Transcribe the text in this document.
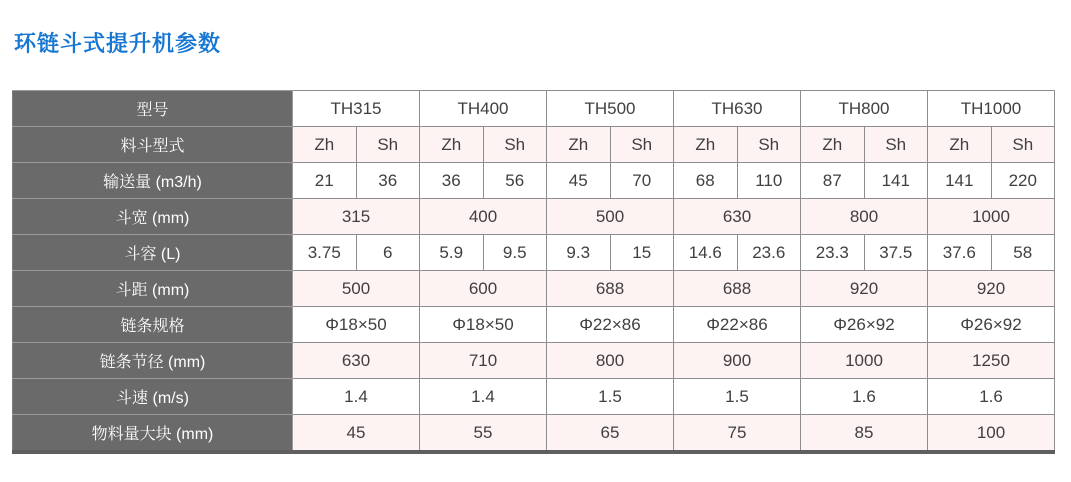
环链斗式提升机参数
型号	TH315		TH400		TH500		TH630		TH800		TH1000	
料斗型式	Zh	Sh	Zh	Sh	Zh	Sh	Zh	Sh	Zh	Sh	Zh	Sh
输送量 (m3/h)	21	36	36	56	45	70	68	110	87	141	141	220
斗宽 (mm)	315		400		500		630		800		1000	
斗容 (L)	3.75	6	5.9	9.5	9.3	15	14.6	23.6	23.3	37.5	37.6	58
斗距 (mm)	500		600		688		688		920		920	
链条规格	Φ18×50		Φ18×50		Φ22×86		Φ22×86		Φ26×92		Φ26×92	
链条节径 (mm)	630		710		800		900		1000		1250	
斗速 (m/s)	1.4		1.4		1.5		1.5		1.6		1.6	
物料量大块 (mm)	45		55		65		75		85		100	
